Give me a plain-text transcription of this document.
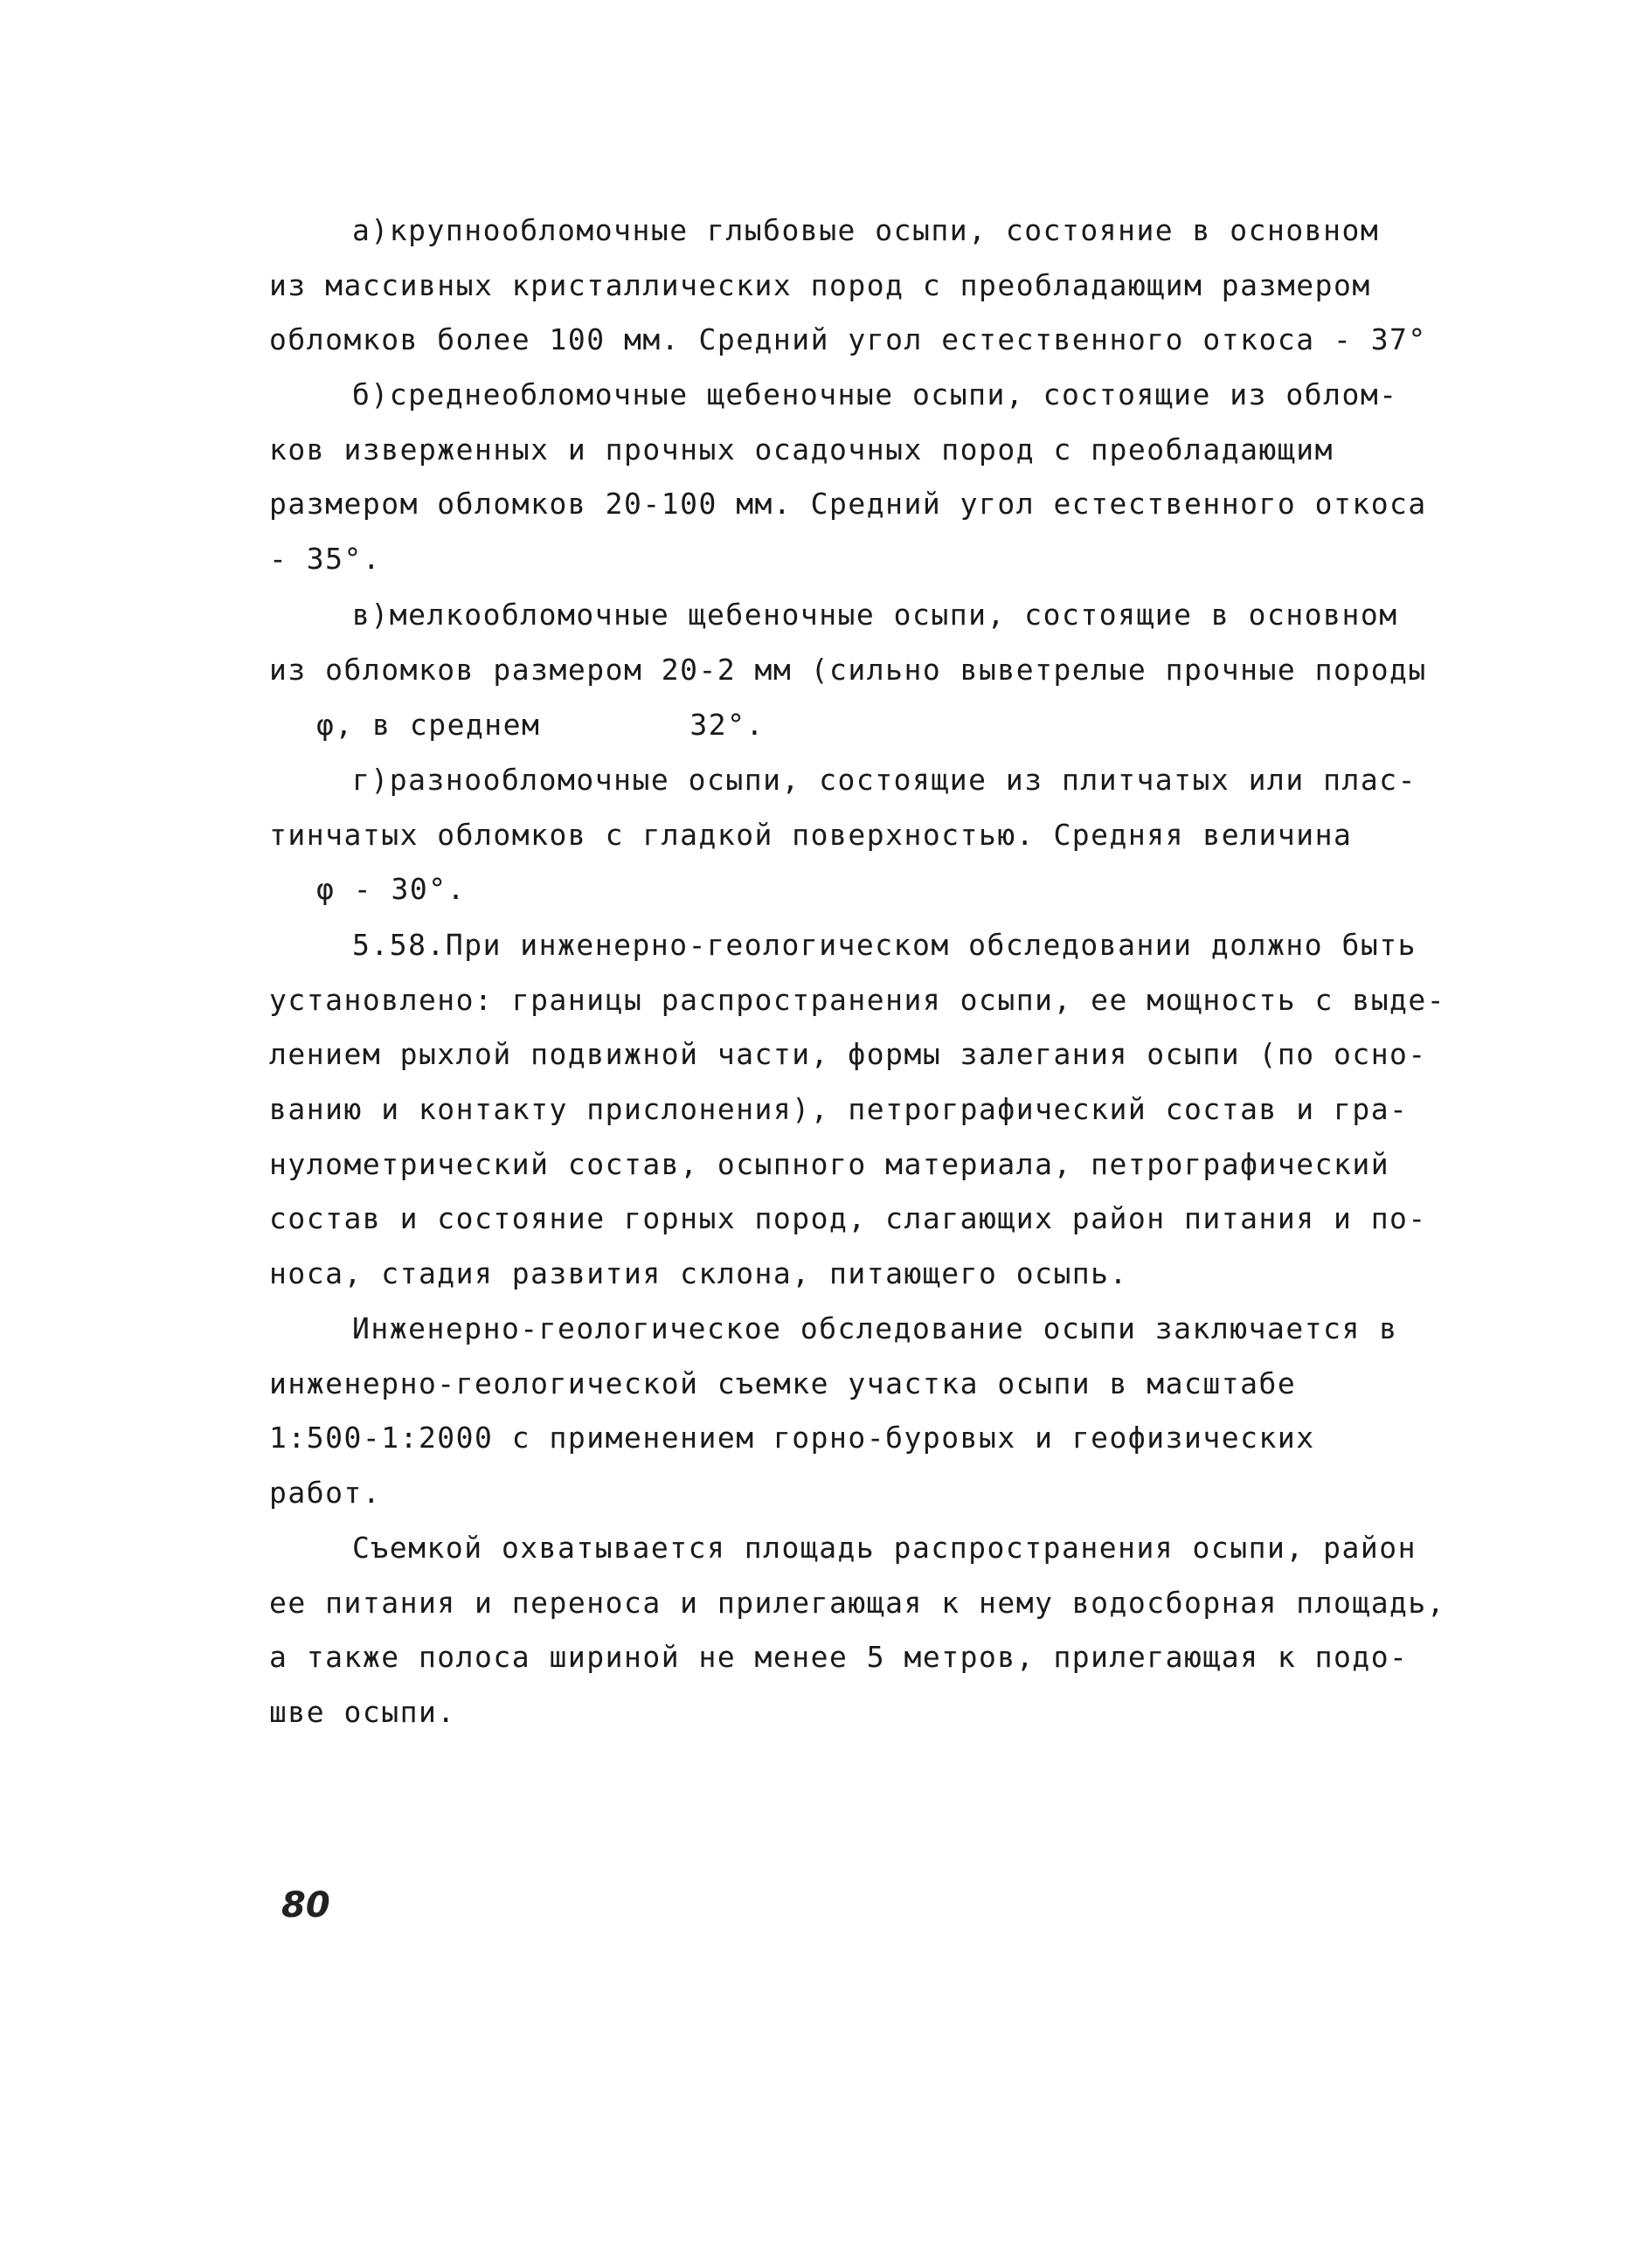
а)крупнообломочные глыбовые осыпи, состояние в основном
из массивных кристаллических пород с преобладающим размером
обломков более 100 мм. Средний угол естественного откоса - 37°
б)среднеобломочные щебеночные осыпи, состоящие из облом-
ков изверженных и прочных осадочных пород с преобладающим
размером обломков 20-100 мм. Средний угол естественного откоса
- 35°.
в)мелкообломочные щебеночные осыпи, состоящие в основном
из обломков размером 20-2 мм (сильно выветрелые прочные породы
φ, в среднем        32°.
г)разнообломочные осыпи, состоящие из плитчатых или плас-
тинчатых обломков с гладкой поверхностью. Средняя величина
φ - 30°.
5.58.При инженерно-геологическом обследовании должно быть
установлено: границы распространения осыпи, ее мощность с выде-
лением рыхлой подвижной части, формы залегания осыпи (по осно-
ванию и контакту прислонения), петрографический состав и гра-
нулометрический состав, осыпного материала, петрографический
состав и состояние горных пород, слагающих район питания и по-
носа, стадия развития склона, питающего осыпь.
Инженерно-геологическое обследование осыпи заключается в
инженерно-геологической съемке участка осыпи в масштабе
1:500-1:2000 с применением горно-буровых и геофизических
работ.
Съемкой охватывается площадь распространения осыпи, район
ее питания и переноса и прилегающая к нему водосборная площадь,
а также полоса шириной не менее 5 метров, прилегающая к подо-
шве осыпи.
80
